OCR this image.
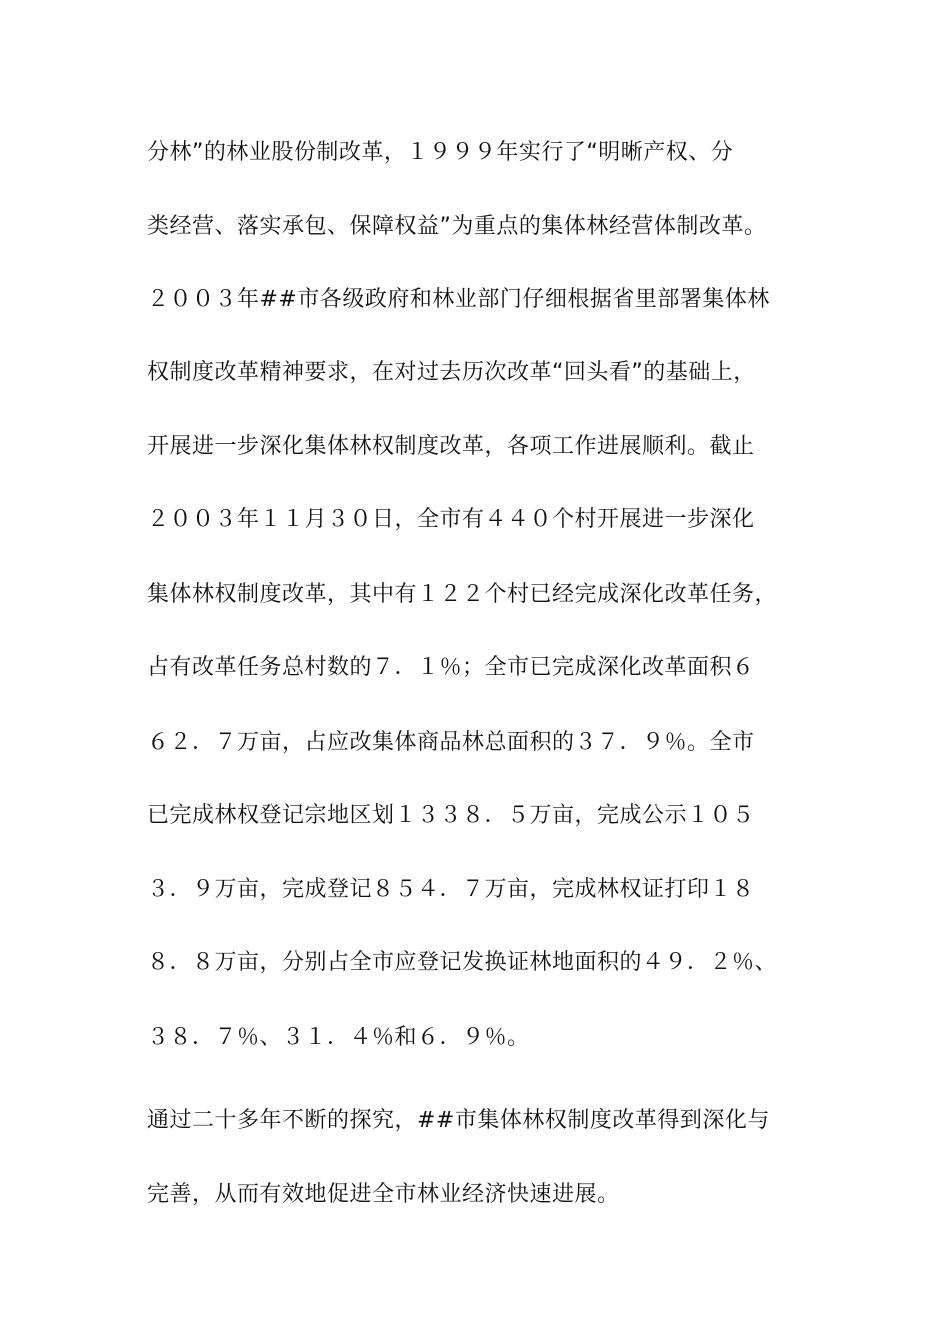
分林”的林业股份制改革，１９９９年实行了“明晰产权、分
类经营、落实承包、保障权益”为重点的集体林经营体制改革。
２００３年##市各级政府和林业部门仔细根据省里部署集体林
权制度改革精神要求，在对过去历次改革“回头看”的基础上，
开展进一步深化集体林权制度改革，各项工作进展顺利。截止
２００３年１１月３０日，全市有４４０个村开展进一步深化
集体林权制度改革，其中有１２２个村已经完成深化改革任务，
占有改革任务总村数的７．１％；全市已完成深化改革面积６
６２．７万亩，占应改集体商品林总面积的３７．９％。全市
已完成林权登记宗地区划１３３８．５万亩，完成公示１０５
３．９万亩，完成登记８５４．７万亩，完成林权证打印１８
８．８万亩，分别占全市应登记发换证林地面积的４９．２％、
３８．７％、３１．４％和６．９％。
通过二十多年不断的探究，##市集体林权制度改革得到深化与
完善，从而有效地促进全市林业经济快速进展。
